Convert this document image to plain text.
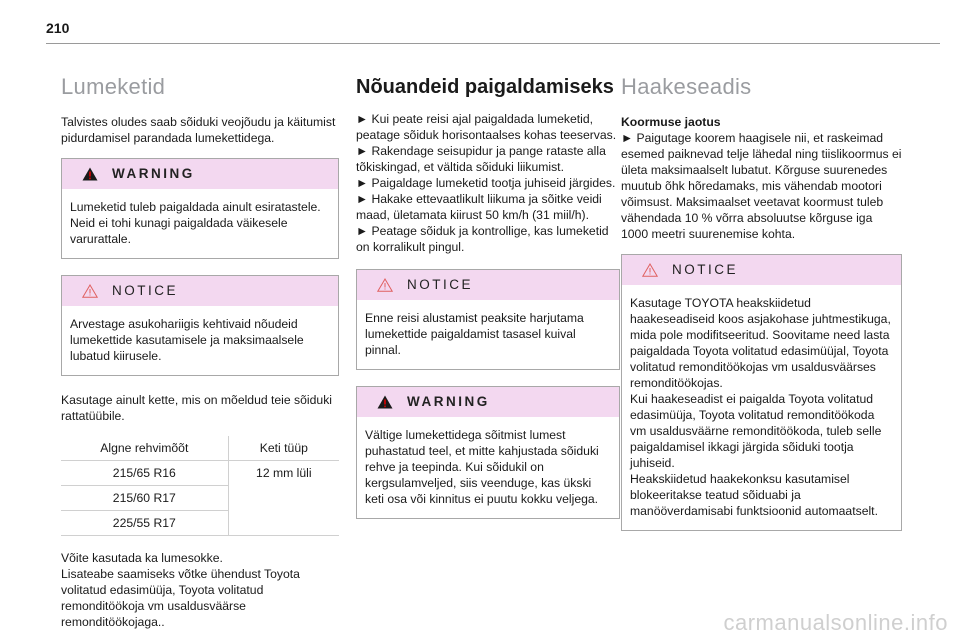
210
Lumeketid

Talvistes oludes saab sõiduki veojõudu ja käitumist pidurdamisel parandada lumekettidega.

WARNING
Lumeketid tuleb paigaldada ainult esiratastele. Neid ei tohi kunagi paigaldada väikesele varurattale.
NOTICE
Arvestage asukohariigis kehtivaid nõudeid lumekettide kasutamisele ja maksimaalsele lubatud kiirusele.

Kasutage ainult kette, mis on mõeldud teie sõiduki rattatüübile.

Algne rehvimõõt	Keti tüüp
215/65 R16	12 mm lüli
215/60 R17	
225/55 R17	
Võite kasutada ka lumesokke.
Lisateabe saamiseks võtke ühendust Toyota volitatud edasimüüja, Toyota volitatud remonditöökoja vm usaldusväärse remonditöökojaga..
Nõuandeid paigaldamiseks

► Kui peate reisi ajal paigaldada lumeketid, peatage sõiduk horisontaalses kohas teeservas.
► Rakendage seisupidur ja pange rataste alla tõkiskingad, et vältida sõiduki liikumist.
► Paigaldage lumeketid tootja juhiseid järgides.
► Hakake ettevaatlikult liikuma ja sõitke veidi maad, ületamata kiirust 50 km/h (31 miil/h).
► Peatage sõiduk ja kontrollige, kas lumeketid on korralikult pingul.

NOTICE
Enne reisi alustamist peaksite harjutama lumekettide paigaldamist tasasel kuival pinnal.
WARNING
Vältige lumekettidega sõitmist lumest puhastatud teel, et mitte kahjustada sõiduki rehve ja teepinda. Kui sõidukil on kergsulamveljed, siis veenduge, kas ükski keti osa või kinnitus ei puutu kokku veljega.
Haakeseadis
Koormuse jaotus

► Paigutage koorem haagisele nii, et raskeimad esemed paiknevad telje lähedal ning tiislikoormus ei ületa maksimaalselt lubatut. Kõrguse suurenedes muutub õhk hõredamaks, mis vähendab mootori võimsust. Maksimaalset veetavat koormust tuleb vähendada 10 % võrra absoluutse kõrguse iga 1000 meetri suurenemise kohta.

NOTICE
Kasutage TOYOTA heakskiidetud haakeseadiseid koos asjakohase juhtmestikuga, mida pole modifitseeritud. Soovitame need lasta paigaldada Toyota volitatud edasimüüjal, Toyota volitatud remonditöökojas vm usaldusväärses remonditöökojas.
Kui haakeseadist ei paigalda Toyota volitatud edasimüüja, Toyota volitatud remonditöökoda vm usaldusväärne remonditöökoda, tuleb selle paigaldamisel ikkagi järgida sõiduki tootja juhiseid.
Heakskiidetud haakekonksu kasutamisel blokeeritakse teatud sõiduabi ja manööverdamisabi funktsioonid automaatselt.
carmanualsonline.info
